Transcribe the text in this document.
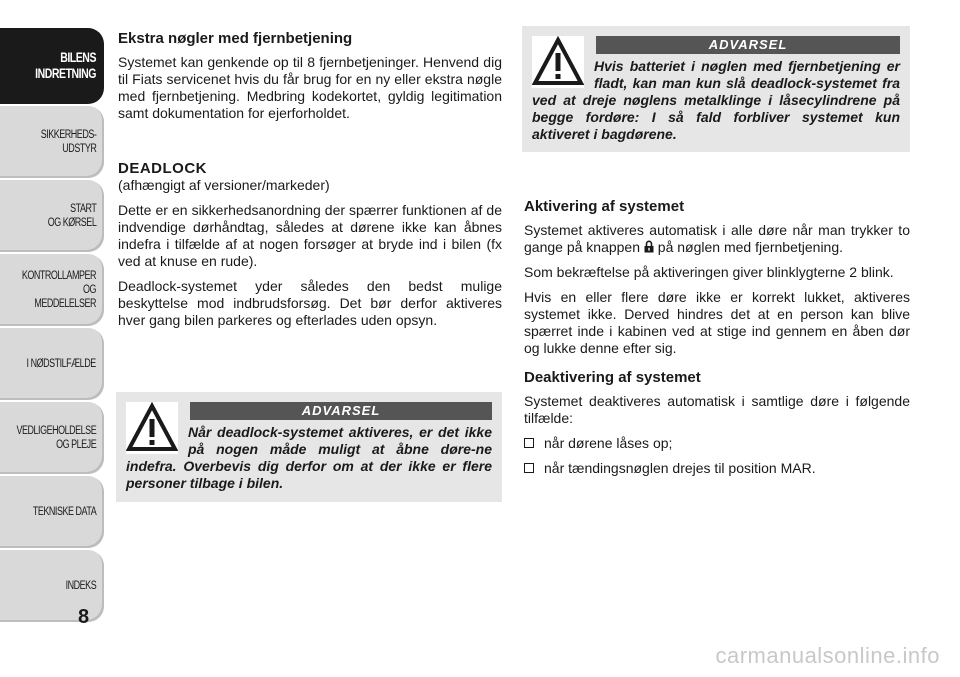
BILENS
INDRETNING
SIKKERHEDS-
UDSTYR
START
OG KØRSEL
KONTROLLAMPER
OG MEDDELELSER
I NØDSTILFÆLDE
VEDLIGEHOLDELSE
OG PLEJE
TEKNISKE DATA
INDEKS
8
Ekstra nøgler med fjernbetjening

Systemet kan genkende op til 8 fjernbetjeninger. Henvend dig til Fiats servicenet hvis du får brug for en ny eller ekstra nøgle med fjernbetjening. Medbring kodekortet, gyldig legitimation samt dokumentation for ejerforholdet.

DEADLOCK
(afhængigt af versioner/markeder)

Dette er en sikkerhedsanordning der spærrer funktionen af de indvendige dørhåndtag, således at dørene ikke kan åbnes indefra i tilfælde af at nogen forsøger at bryde ind i bilen (fx ved at knuse en rude).

Deadlock-systemet yder således den bedst mulige beskyttelse mod indbrudsforsøg. Det bør derfor aktiveres hver gang bilen parkeres og efterlades uden opsyn.

ADVARSEL

Når deadlock-systemet aktiveres, er det ikke på nogen måde muligt at åbne døre-ne indefra. Overbevis dig derfor om at der ikke er flere personer tilbage i bilen.

ADVARSEL

Hvis batteriet i nøglen med fjernbetjening er fladt, kan man kun slå deadlock-systemet fra ved at dreje nøglens metalklinge i låsecylindrene på begge fordøre: I så fald forbliver systemet kun aktiveret i bagdørene.

Aktivering af systemet

Systemet aktiveres automatisk i alle døre når man trykker to gange på knappen på nøglen med fjernbetjening.

Som bekræftelse på aktiveringen giver blinklygterne 2 blink.

Hvis en eller flere døre ikke er korrekt lukket, aktiveres systemet ikke. Derved hindres det at en person kan blive spærret inde i kabinen ved at stige ind gennem en åben dør og lukke denne efter sig.

Deaktivering af systemet

Systemet deaktiveres automatisk i samtlige døre i følgende tilfælde:

når dørene låses op;
når tændingsnøglen drejes til position MAR.
carmanualsonline.info
